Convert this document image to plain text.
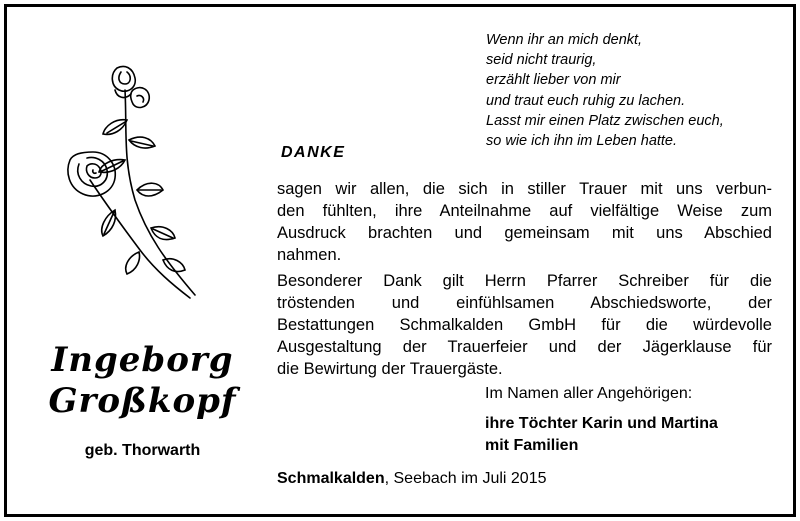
Wenn ihr an mich denkt,
seid nicht traurig,
erzählt lieber von mir
und traut euch ruhig zu lachen.
Lasst mir einen Platz zwischen euch,
so wie ich ihn im Leben hatte.
DANKE
sagen wir allen, die sich in stiller Trauer mit uns verbun-
den fühlten, ihre Anteilnahme auf vielfältige Weise zum
Ausdruck brachten und gemeinsam mit uns Abschied
nahmen.
Besonderer Dank gilt Herrn Pfarrer Schreiber für die
tröstenden und einfühlsamen Abschiedsworte, der
Bestattungen Schmalkalden GmbH für die würdevolle
Ausgestaltung der Trauerfeier und der Jägerklause für
die Bewirtung der Trauergäste.
Im Namen aller Angehörigen:
ihre Töchter Karin und Martina
mit Familien
Schmalkalden, Seebach im Juli 2015
Ingeborg
Großkopf
geb. Thorwarth
